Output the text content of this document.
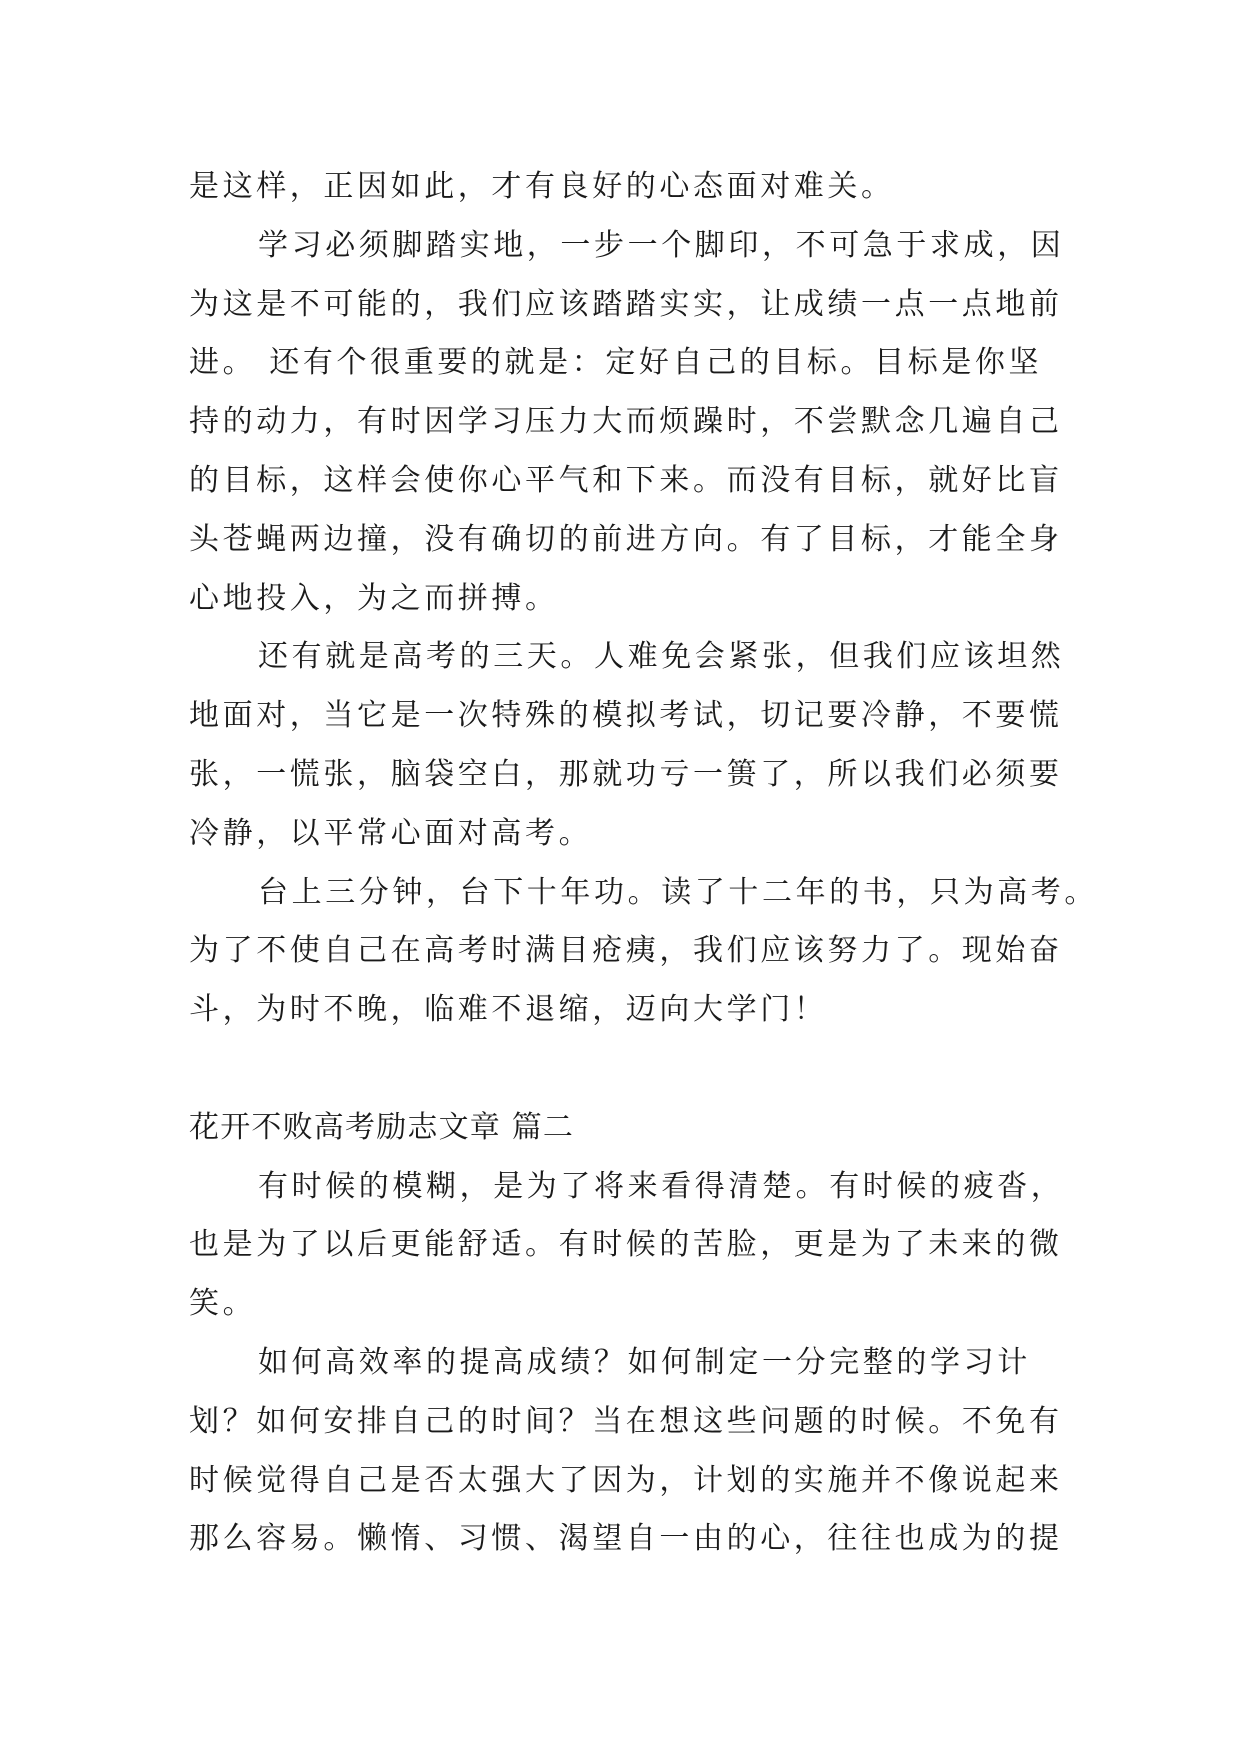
是这样，正因如此，才有良好的心态面对难关。
学习必须脚踏实地，一步一个脚印，不可急于求成，因
为这是不可能的，我们应该踏踏实实，让成绩一点一点地前
进。 还有个很重要的就是：定好自己的目标。目标是你坚
持的动力，有时因学习压力大而烦躁时，不尝默念几遍自己
的目标，这样会使你心平气和下来。而没有目标，就好比盲
头苍蝇两边撞，没有确切的前进方向。有了目标，才能全身
心地投入，为之而拼搏。
还有就是高考的三天。人难免会紧张，但我们应该坦然
地面对，当它是一次特殊的模拟考试，切记要冷静，不要慌
张，一慌张，脑袋空白，那就功亏一篑了，所以我们必须要
冷静，以平常心面对高考。
台上三分钟，台下十年功。读了十二年的书，只为高考。
为了不使自己在高考时满目疮痍，我们应该努力了。现始奋
斗，为时不晚，临难不退缩，迈向大学门！
花开不败高考励志文章 篇二
有时候的模糊，是为了将来看得清楚。有时候的疲沓，
也是为了以后更能舒适。有时候的苦脸，更是为了未来的微
笑。
如何高效率的提高成绩？如何制定一分完整的学习计
划？如何安排自己的时间？当在想这些问题的时候。不免有
时候觉得自己是否太强大了因为，计划的实施并不像说起来
那么容易。懒惰、习惯、渴望自一由的心，往往也成为的提
